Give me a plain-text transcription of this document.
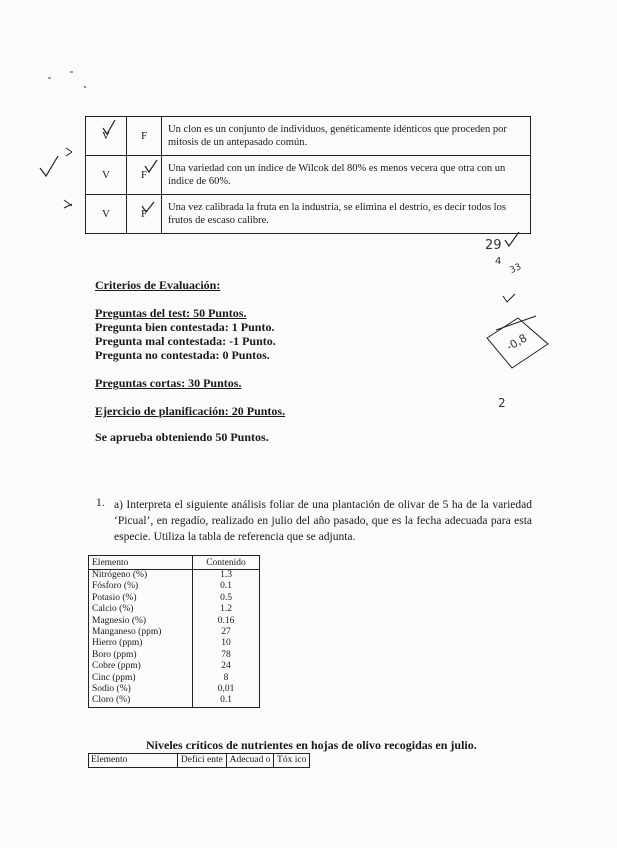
V	F	Un clon es un conjunto de individuos, genéticamente idénticos que proceden por mitosis de un antepasado común.
V	F	Una variedad con un índice de Wilcok del 80% es menos vecera que otra con un índice de 60%.
V	F	Una vez calibrada la fruta en la industria, se elimina el destrío, es decir todos los frutos de escaso calibre.
Criterios de Evaluación:
Preguntas del test: 50 Puntos.
Pregunta bien contestada: 1 Punto.
Pregunta mal contestada: -1 Punto.
Pregunta no contestada: 0 Puntos.
Preguntas cortas: 30 Puntos.
Ejercicio de planificación: 20 Puntos.
Se aprueba obteniendo 50 Puntos.
1. a) Interpreta el siguiente análisis foliar de una plantación de olivar de 5 ha de la variedad ‘Picual’, en regadío, realizado en julio del año pasado, que es la fecha adecuada para esta especie. Utiliza la tabla de referencia que se adjunta.
Elemento	Contenido
Nitrógeno (%)	1.3
Fósforo (%)	0.1
Potasio (%)	0.5
Calcio (%)	1.2
Magnesio (%)	0.16
Manganeso (ppm)	27
Hierro (ppm)	10
Boro (ppm)	78
Cobre (ppm)	24
Cinc (ppm)	8
Sodio (%)	0,01
Cloro (%)	0.1
Niveles críticos de nutrientes en hojas de olivo recogidas en julio.
Elemento	Defici ente	Adecuad o	Tóx ico
29
4
33
-0,8
2
